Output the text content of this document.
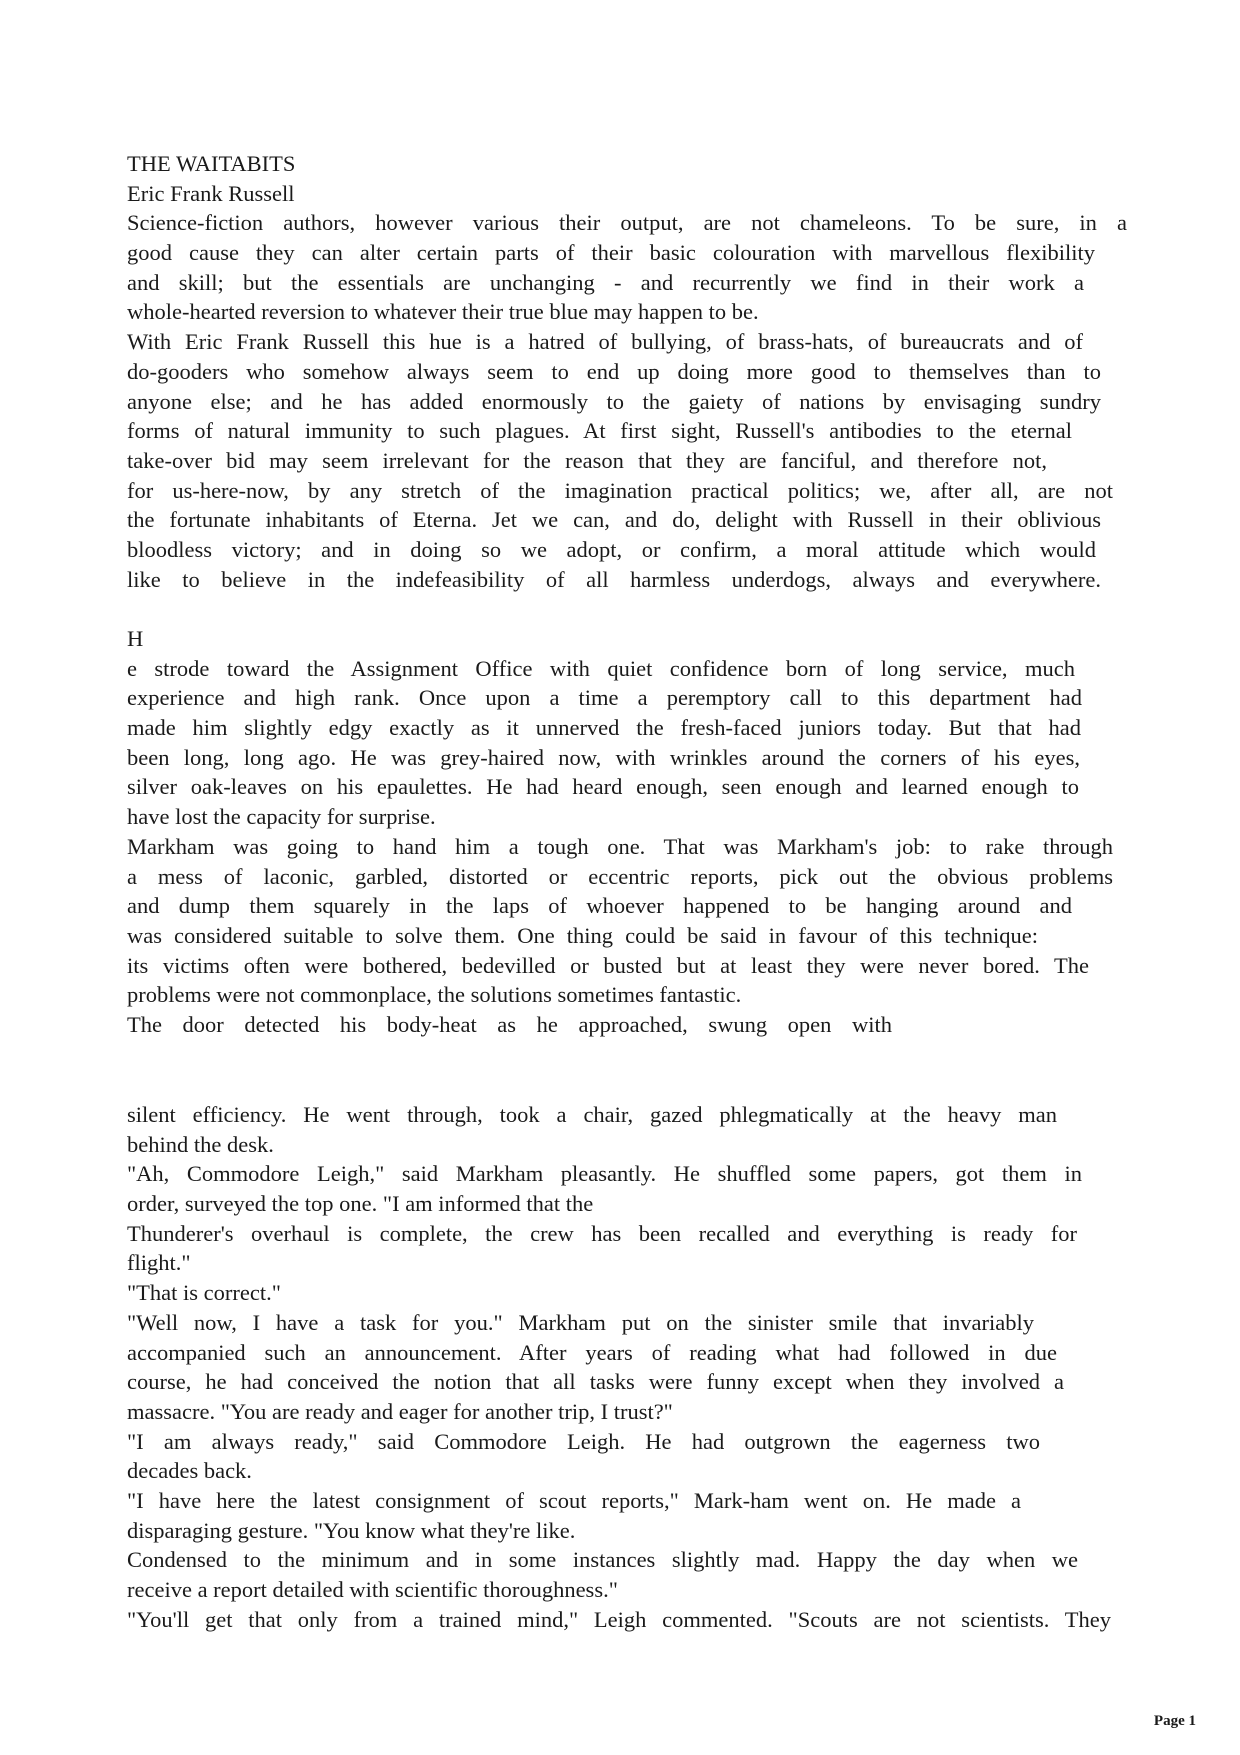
THE WAITABITS
Eric Frank Russell
Science-fiction authors, however various their output, are not chameleons. To be sure, in a
good cause they can alter certain parts of their basic colouration with marvellous flexibility
and skill; but the essentials are unchanging - and recurrently we find in their work a
whole-hearted reversion to whatever their true blue may happen to be.
With Eric Frank Russell this hue is a hatred of bullying, of brass-hats, of bureaucrats and of
do-gooders who somehow always seem to end up doing more good to themselves than to
anyone else; and he has added enormously to the gaiety of nations by envisaging sundry
forms of natural immunity to such plagues. At first sight, Russell's antibodies to the eternal
take-over bid may seem irrelevant for the reason that they are fanciful, and therefore not,
for us-here-now, by any stretch of the imagination practical politics; we, after all, are not
the fortunate inhabitants of Eterna. Jet we can, and do, delight with Russell in their oblivious
bloodless victory; and in doing so we adopt, or confirm, a moral attitude which would
like to believe in the indefeasibility of all harmless underdogs, always and everywhere.
H
e strode toward the Assignment Office with quiet confidence born of long service, much
experience and high rank. Once upon a time a peremptory call to this department had
made him slightly edgy exactly as it unnerved the fresh-faced juniors today. But that had
been long, long ago. He was grey-haired now, with wrinkles around the corners of his eyes,
silver oak-leaves on his epaulettes. He had heard enough, seen enough and learned enough to
have lost the capacity for surprise.
Markham was going to hand him a tough one. That was Markham's job: to rake through
a mess of laconic, garbled, distorted or eccentric reports, pick out the obvious problems
and dump them squarely in the laps of whoever happened to be hanging around and
was considered suitable to solve them. One thing could be said in favour of this technique:
its victims often were bothered, bedevilled or busted but at least they were never bored. The
problems were not commonplace, the solutions sometimes fantastic.
The door detected his body-heat as he approached, swung open with
silent efficiency. He went through, took a chair, gazed phlegmatically at the heavy man
behind the desk.
"Ah, Commodore Leigh," said Markham pleasantly. He shuffled some papers, got them in
order, surveyed the top one. "I am informed that the
Thunderer's overhaul is complete, the crew has been recalled and everything is ready for
flight."
"That is correct."
"Well now, I have a task for you." Markham put on the sinister smile that invariably
accompanied such an announcement. After years of reading what had followed in due
course, he had conceived the notion that all tasks were funny except when they involved a
massacre. "You are ready and eager for another trip, I trust?"
"I am always ready," said Commodore Leigh. He had outgrown the eagerness two
decades back.
"I have here the latest consignment of scout reports," Mark-ham went on. He made a
disparaging gesture. "You know what they're like.
Condensed to the minimum and in some instances slightly mad. Happy the day when we
receive a report detailed with scientific thoroughness."
"You'll get that only from a trained mind," Leigh commented. "Scouts are not scientists. They
Page 1
